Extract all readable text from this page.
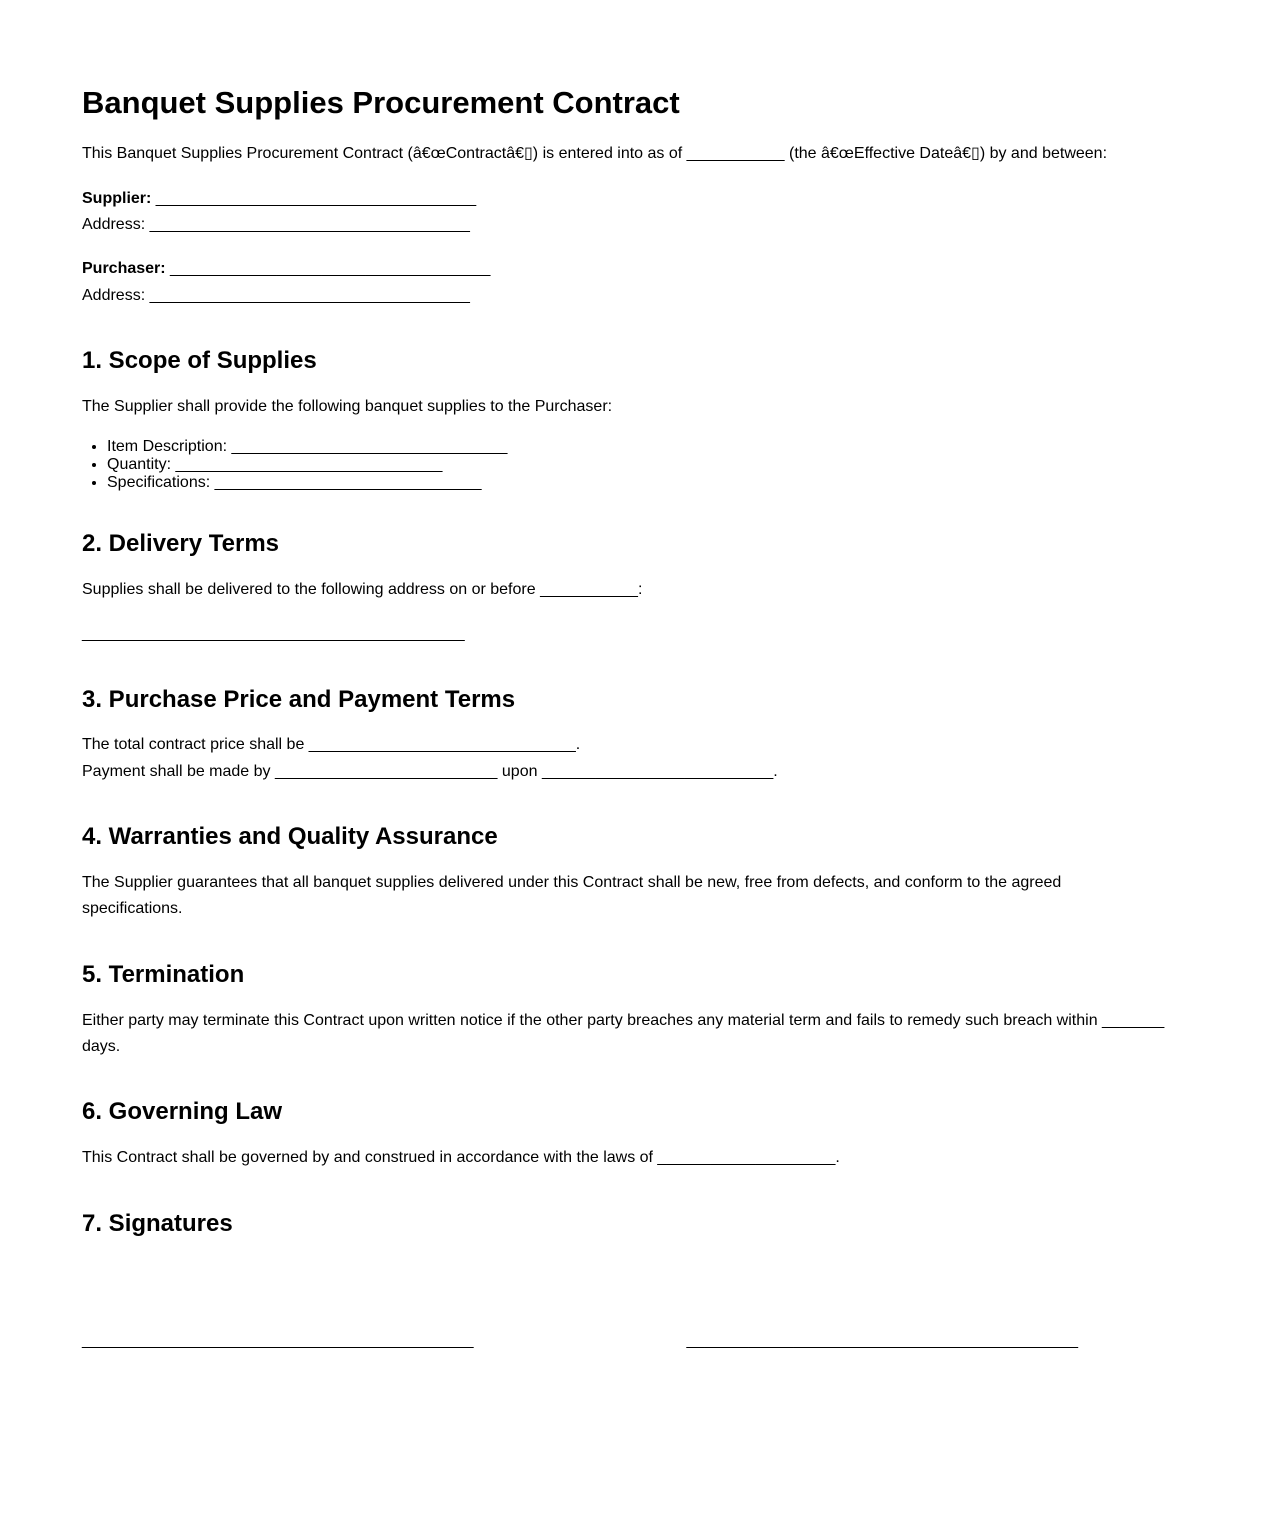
Banquet Supplies Procurement Contract

This Banquet Supplies Procurement Contract (â€œContractâ€▯) is entered into as of ___________ (the â€œEffective Dateâ€▯) by and between:

Supplier: ____________________________________
Address: ____________________________________

Purchaser: ____________________________________
Address: ____________________________________

1. Scope of Supplies

The Supplier shall provide the following banquet supplies to the Purchaser:

• Item Description: _______________________________
• Quantity: ______________________________
• Specifications: ______________________________
2. Delivery Terms

Supplies shall be delivered to the following address on or before ___________:

___________________________________________

3. Purchase Price and Payment Terms

The total contract price shall be ______________________________.
Payment shall be made by _________________________ upon __________________________.

4. Warranties and Quality Assurance

The Supplier guarantees that all banquet supplies delivered under this Contract shall be new, free from defects, and conform to the agreed specifications.

5. Termination

Either party may terminate this Contract upon written notice if the other party breaches any material term and fails to remedy such breach within _______ days.

6. Governing Law

This Contract shall be governed by and construed in accordance with the laws of ____________________.

7. Signatures
____________________________________________	____________________________________________
